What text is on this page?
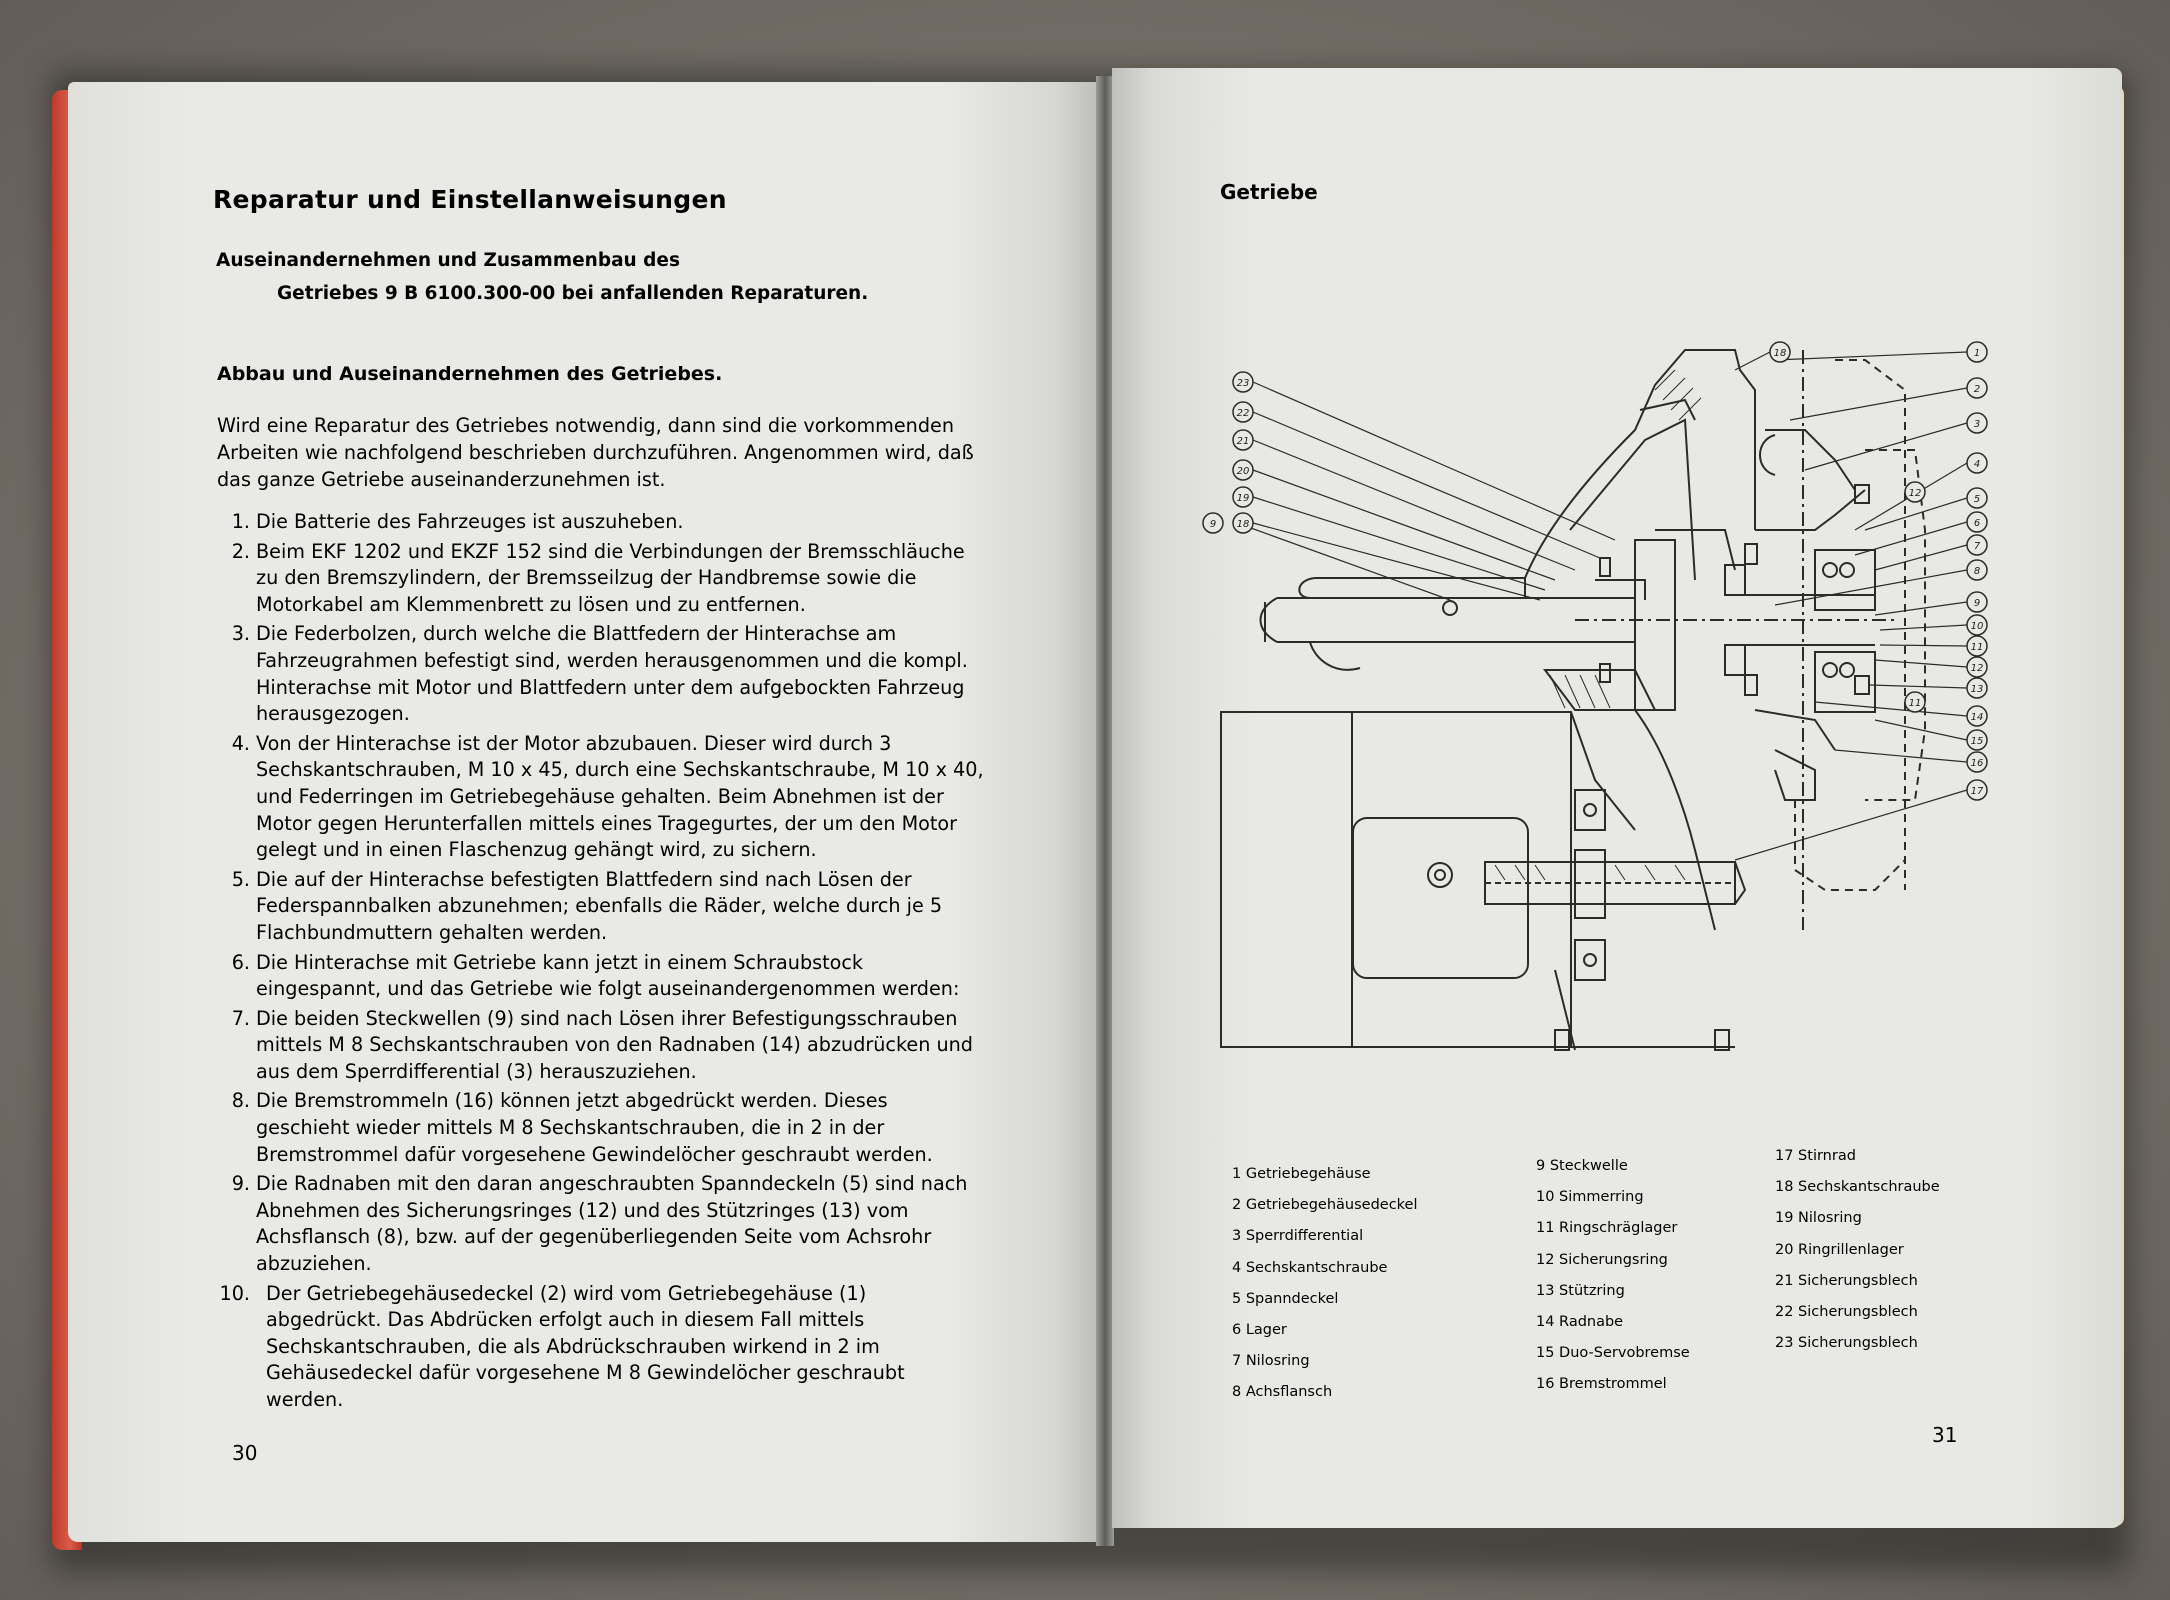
Reparatur und Einstellanweisungen

Auseinandernehmen und Zusammenbau des

Getriebes 9 B 6100.300-00 bei anfallenden Reparaturen.

Abbau und Auseinandernehmen des Getriebes.

Wird eine Reparatur des Getriebes notwendig, dann sind die vorkommenden Arbeiten wie nachfolgend beschrieben durchzuführen. Angenommen wird, daß das ganze Getriebe auseinanderzunehmen ist.

1. Die Batterie des Fahrzeuges ist auszuheben.
2. Beim EKF 1202 und EKZF 152 sind die Verbindungen der Bremsschläuche zu den Bremszylindern, der Bremsseilzug der Handbremse sowie die Motorkabel am Klemmenbrett zu lösen und zu entfernen.
3. Die Federbolzen, durch welche die Blattfedern der Hinterachse am Fahrzeugrahmen befestigt sind, werden herausgenommen und die kompl. Hinterachse mit Motor und Blattfedern unter dem aufgebockten Fahrzeug herausgezogen.
4. Von der Hinterachse ist der Motor abzubauen. Dieser wird durch 3 Sechskantschrauben, M 10 x 45, durch eine Sechskantschraube, M 10 x 40, und Federringen im Getriebegehäuse gehalten. Beim Abnehmen ist der Motor gegen Herunterfallen mittels eines Tragegurtes, der um den Motor gelegt und in einen Flaschenzug gehängt wird, zu sichern.
5. Die auf der Hinterachse befestigten Blattfedern sind nach Lösen der Federspannbalken abzunehmen; ebenfalls die Räder, welche durch je 5 Flachbundmuttern gehalten werden.
6. Die Hinterachse mit Getriebe kann jetzt in einem Schraubstock eingespannt, und das Getriebe wie folgt auseinandergenommen werden:
7. Die beiden Steckwellen (9) sind nach Lösen ihrer Befestigungsschrauben mittels M 8 Sechskantschrauben von den Radnaben (14) abzudrücken und aus dem Sperrdifferential (3) herauszuziehen.
8. Die Bremstrommeln (16) können jetzt abgedrückt werden. Dieses geschieht wieder mittels M 8 Sechskantschrauben, die in 2 in der Bremstrommel dafür vorgesehene Gewindelöcher geschraubt werden.
9. Die Radnaben mit den daran angeschraubten Spanndeckeln (5) sind nach Abnehmen des Sicherungsringes (12) und des Stützringes (13) vom Achsflansch (8), bzw. auf der gegenüberliegenden Seite vom Achsrohr abzuziehen.
10. Der Getriebegehäusedeckel (2) wird vom Getriebegehäuse (1) abgedrückt. Das Abdrücken erfolgt auch in diesem Fall mittels Sechskantschrauben, die als Abdrückschrauben wirkend in 2 im Gehäusedeckel dafür vorgesehene M 8 Gewindelöcher geschraubt werden.

30

Getriebe

1
2
3
4
5
6
7
8
9
10
11
12
13
14
15
16
17
23
22
21
20
19
18
9
18
12
11
1 Getriebegehäuse
2 Getriebegehäusedeckel
3 Sperrdifferential
4 Sechskantschraube
5 Spanndeckel
6 Lager
7 Nilosring
8 Achsflansch
9 Steckwelle
10 Simmerring
11 Ringschräglager
12 Sicherungsring
13 Stützring
14 Radnabe
15 Duo-Servobremse
16 Bremstrommel
17 Stirnrad
18 Sechskantschraube
19 Nilosring
20 Ringrillenlager
21 Sicherungsblech
22 Sicherungsblech
23 Sicherungsblech

31
